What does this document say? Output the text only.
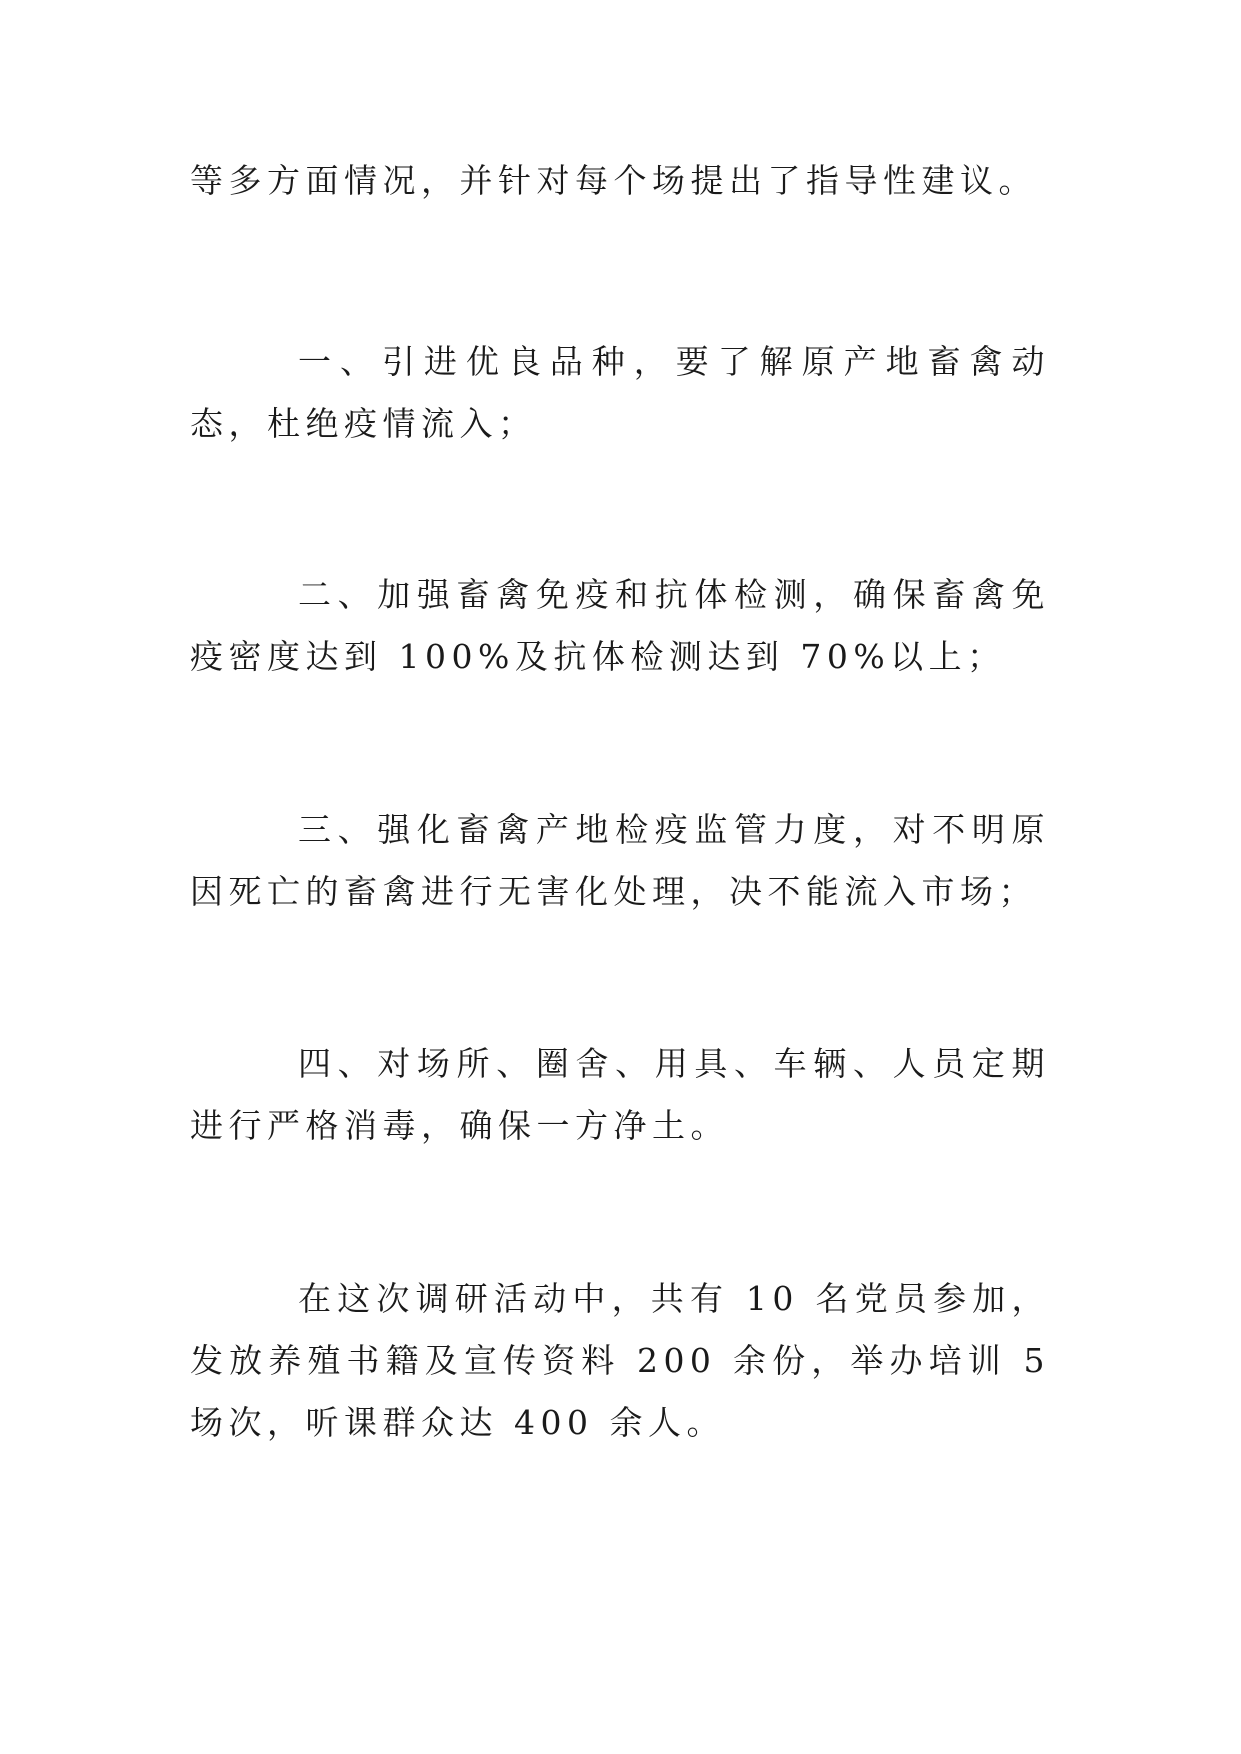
等多方面情况，并针对每个场提出了指导性建议。

一、引进优良品种，要了解原产地畜禽动态，杜绝疫情流入；

二、加强畜禽免疫和抗体检测，确保畜禽免疫密度达到 100%及抗体检测达到 70%以上；

三、强化畜禽产地检疫监管力度，对不明原因死亡的畜禽进行无害化处理，决不能流入市场；

四、对场所、圈舍、用具、车辆、人员定期进行严格消毒，确保一方净土。

在这次调研活动中，共有 10 名党员参加，发放养殖书籍及宣传资料 200 余份，举办培训 5 场次，听课群众达 400 余人。
